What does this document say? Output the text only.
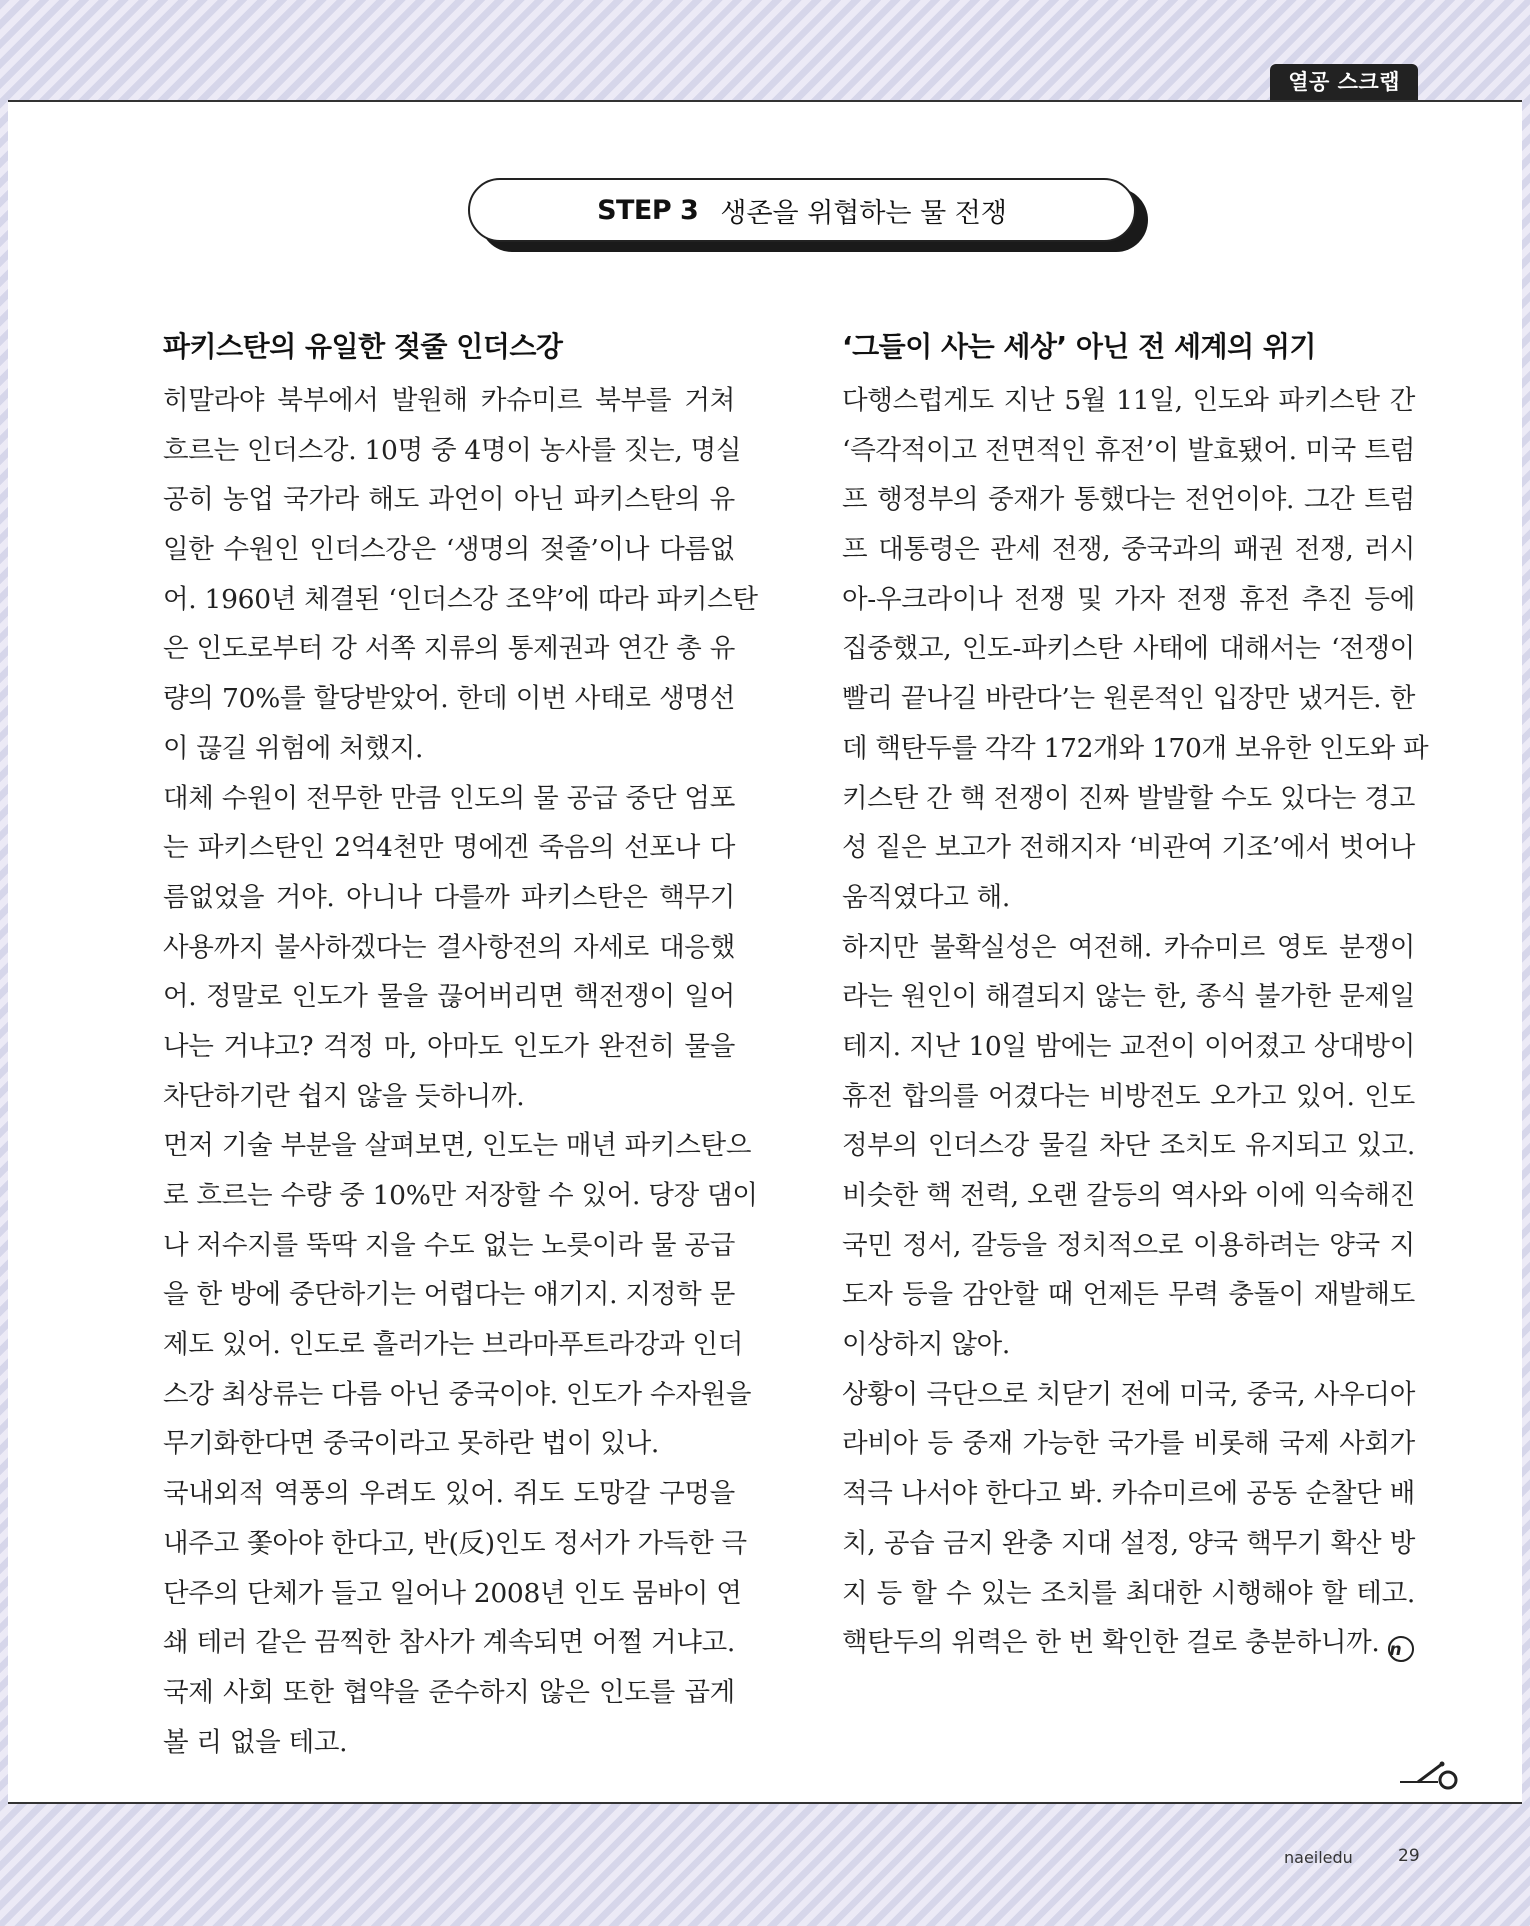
열공 스크랩
STEP 3 생존을 위협하는 물 전쟁
파키스탄의 유일한 젖줄 인더스강
히말라야 북부에서 발원해 카슈미르 북부를 거쳐
흐르는 인더스강. 10명 중 4명이 농사를 짓는, 명실
공히 농업 국가라 해도 과언이 아닌 파키스탄의 유
일한 수원인 인더스강은 ‘생명의 젖줄’이나 다름없
어. 1960년 체결된 ‘인더스강 조약’에 따라 파키스탄
은 인도로부터 강 서쪽 지류의 통제권과 연간 총 유
량의 70%를 할당받았어. 한데 이번 사태로 생명선
이 끊길 위험에 처했지.
대체 수원이 전무한 만큼 인도의 물 공급 중단 엄포
는 파키스탄인 2억4천만 명에겐 죽음의 선포나 다
름없었을 거야. 아니나 다를까 파키스탄은 핵무기
사용까지 불사하겠다는 결사항전의 자세로 대응했
어. 정말로 인도가 물을 끊어버리면 핵전쟁이 일어
나는 거냐고? 걱정 마, 아마도 인도가 완전히 물을
차단하기란 쉽지 않을 듯하니까.
먼저 기술 부분을 살펴보면, 인도는 매년 파키스탄으
로 흐르는 수량 중 10%만 저장할 수 있어. 당장 댐이
나 저수지를 뚝딱 지을 수도 없는 노릇이라 물 공급
을 한 방에 중단하기는 어렵다는 얘기지. 지정학 문
제도 있어. 인도로 흘러가는 브라마푸트라강과 인더
스강 최상류는 다름 아닌 중국이야. 인도가 수자원을
무기화한다면 중국이라고 못하란 법이 있나.
국내외적 역풍의 우려도 있어. 쥐도 도망갈 구멍을
내주고 쫓아야 한다고, 반(反)인도 정서가 가득한 극
단주의 단체가 들고 일어나 2008년 인도 뭄바이 연
쇄 테러 같은 끔찍한 참사가 계속되면 어쩔 거냐고.
국제 사회 또한 협약을 준수하지 않은 인도를 곱게
볼 리 없을 테고.
‘그들이 사는 세상’ 아닌 전 세계의 위기
다행스럽게도 지난 5월 11일, 인도와 파키스탄 간
‘즉각적이고 전면적인 휴전’이 발효됐어. 미국 트럼
프 행정부의 중재가 통했다는 전언이야. 그간 트럼
프 대통령은 관세 전쟁, 중국과의 패권 전쟁, 러시
아-우크라이나 전쟁 및 가자 전쟁 휴전 추진 등에
집중했고, 인도-파키스탄 사태에 대해서는 ‘전쟁이
빨리 끝나길 바란다’는 원론적인 입장만 냈거든. 한
데 핵탄두를 각각 172개와 170개 보유한 인도와 파
키스탄 간 핵 전쟁이 진짜 발발할 수도 있다는 경고
성 짙은 보고가 전해지자 ‘비관여 기조’에서 벗어나
움직였다고 해.
하지만 불확실성은 여전해. 카슈미르 영토 분쟁이
라는 원인이 해결되지 않는 한, 종식 불가한 문제일
테지. 지난 10일 밤에는 교전이 이어졌고 상대방이
휴전 합의를 어겼다는 비방전도 오가고 있어. 인도
정부의 인더스강 물길 차단 조치도 유지되고 있고.
비슷한 핵 전력, 오랜 갈등의 역사와 이에 익숙해진
국민 정서, 갈등을 정치적으로 이용하려는 양국 지
도자 등을 감안할 때 언제든 무력 충돌이 재발해도
이상하지 않아.
상황이 극단으로 치닫기 전에 미국, 중국, 사우디아
라비아 등 중재 가능한 국가를 비롯해 국제 사회가
적극 나서야 한다고 봐. 카슈미르에 공동 순찰단 배
치, 공습 금지 완충 지대 설정, 양국 핵무기 확산 방
지 등 할 수 있는 조치를 최대한 시행해야 할 테고.
핵탄두의 위력은 한 번 확인한 걸로 충분하니까. n
naeiledu	29
